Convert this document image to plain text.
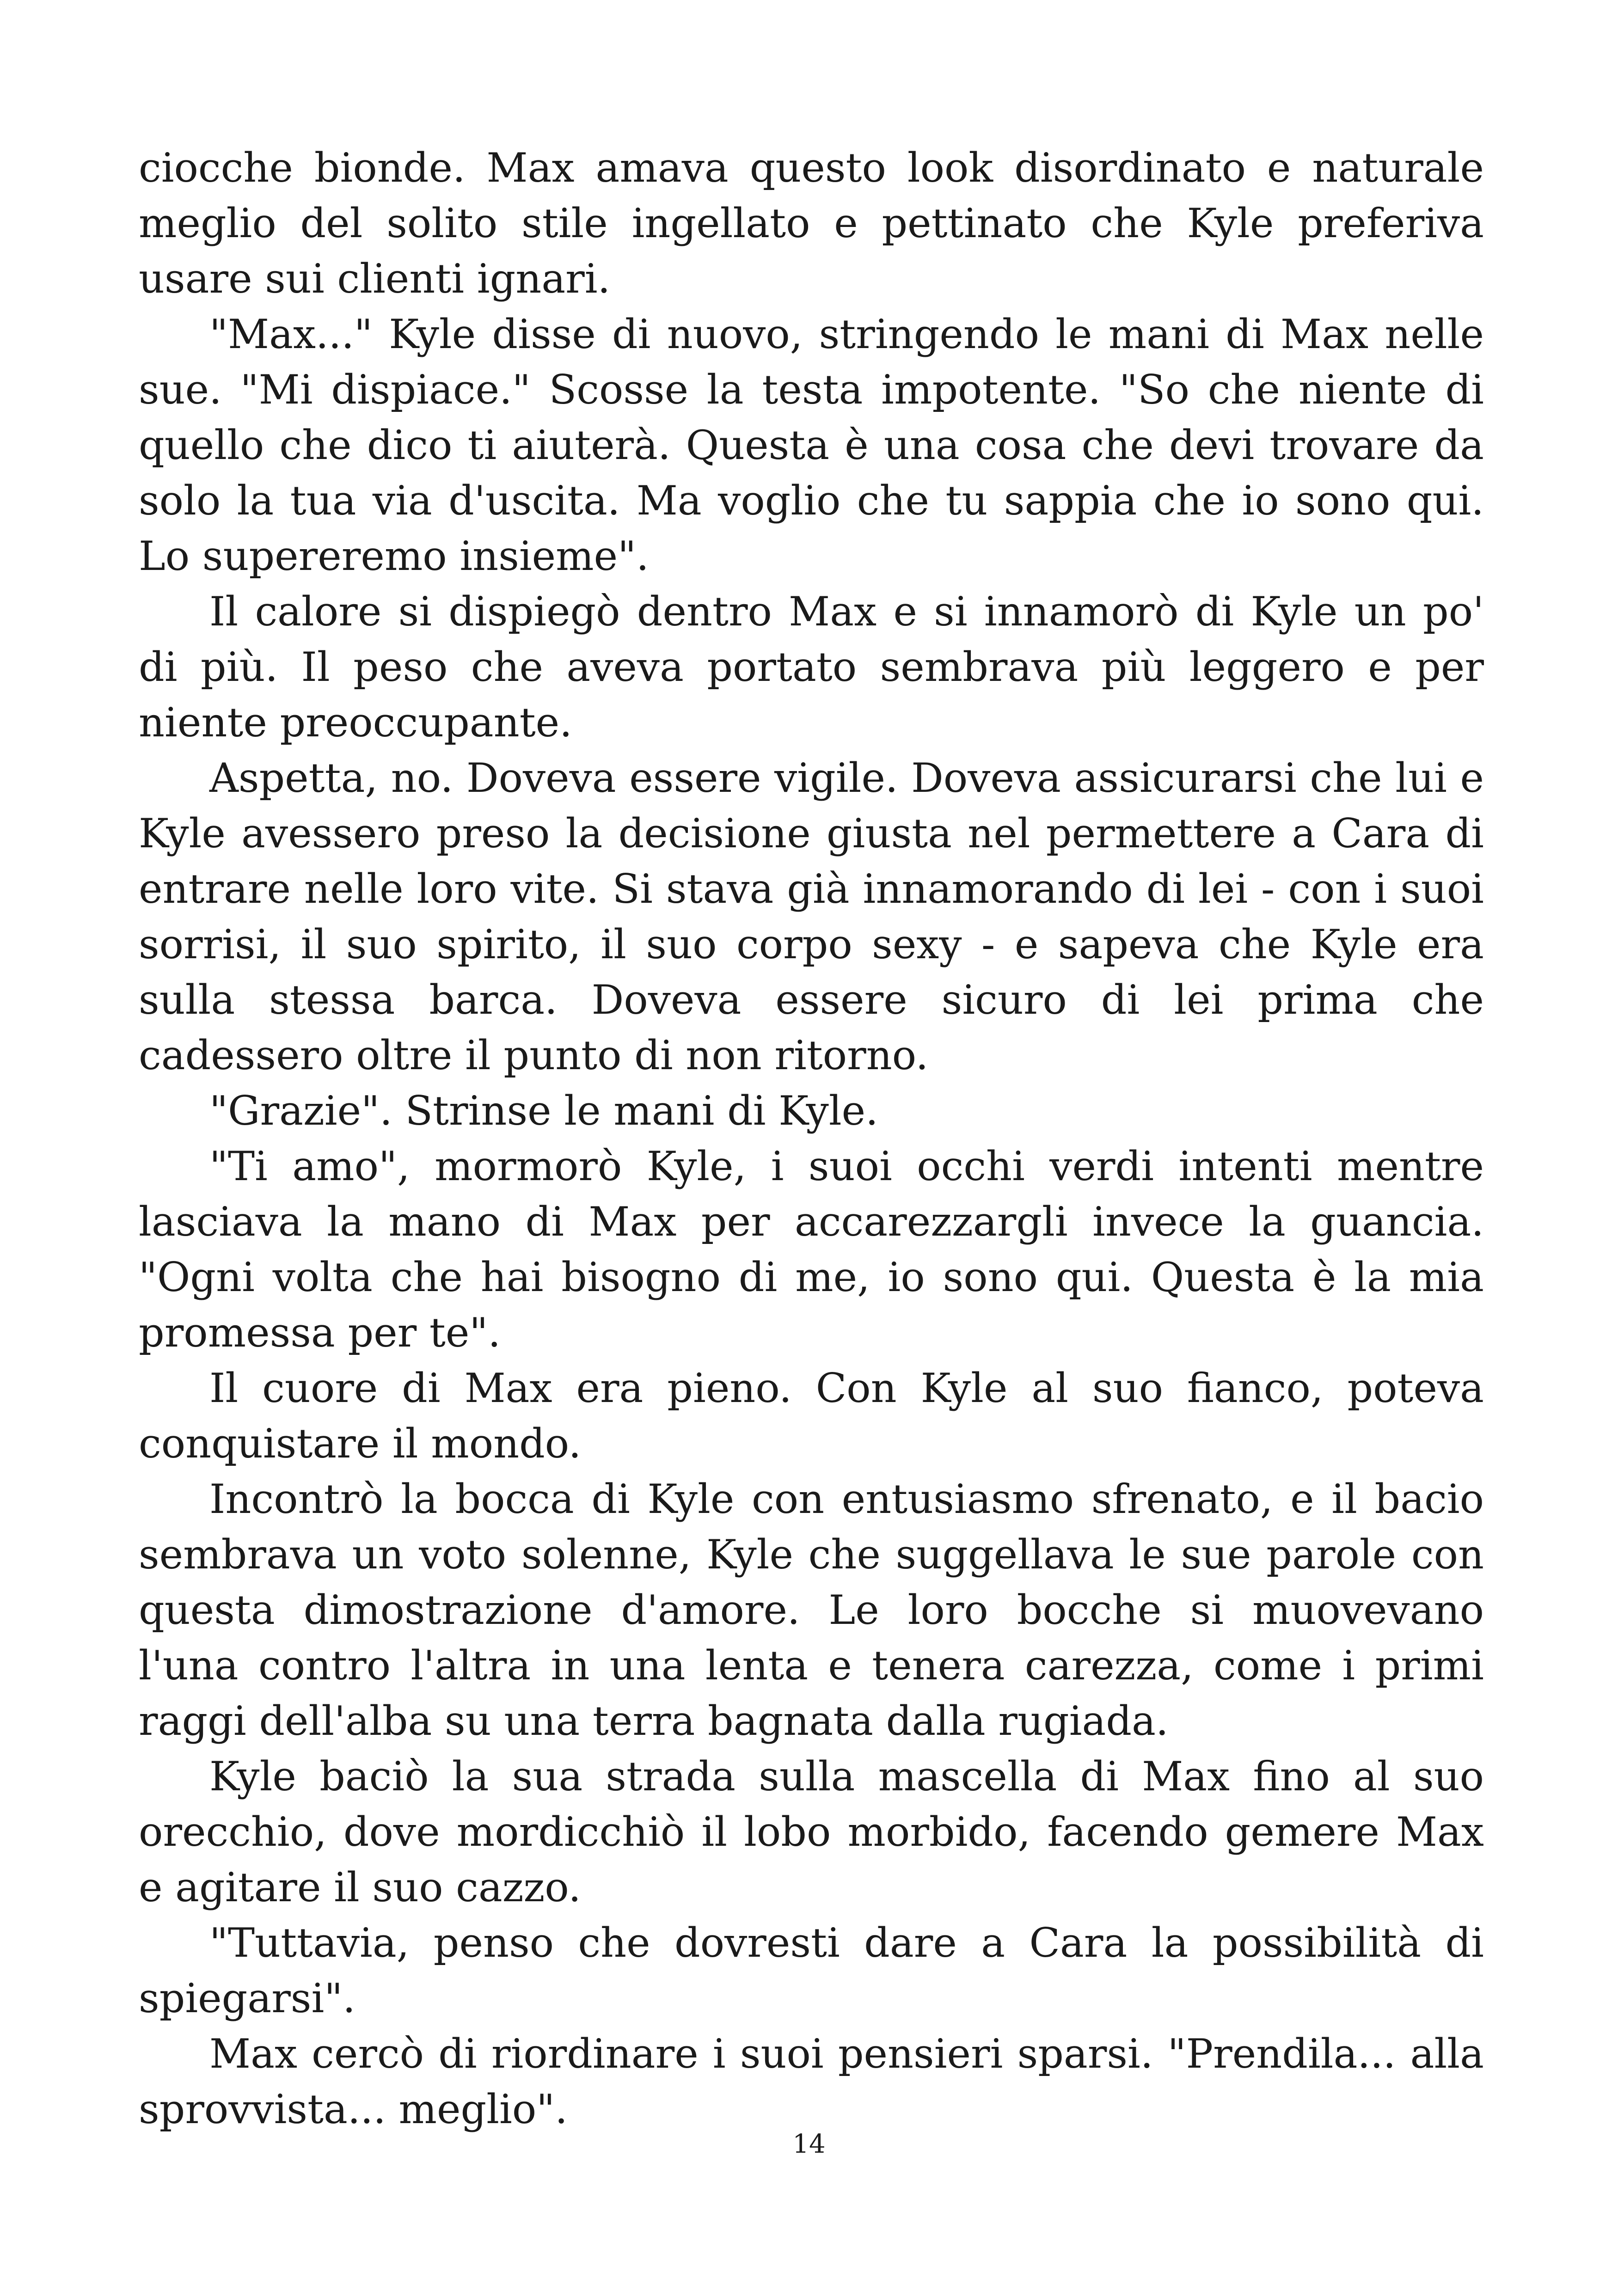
ciocche bionde. Max amava questo look disordinato e naturale meglio del solito stile ingellato e pettinato che Kyle preferiva usare sui clienti ignari.

"Max..." Kyle disse di nuovo, stringendo le mani di Max nelle sue. "Mi dispiace." Scosse la testa impotente. "So che niente di quello che dico ti aiuterà. Questa è una cosa che devi trovare da solo la tua via d'uscita. Ma voglio che tu sappia che io sono qui. Lo supereremo insieme".

Il calore si dispiegò dentro Max e si innamorò di Kyle un po' di più. Il peso che aveva portato sembrava più leggero e per niente preoccupante.

Aspetta, no. Doveva essere vigile. Doveva assicurarsi che lui e Kyle avessero preso la decisione giusta nel permettere a Cara di entrare nelle loro vite. Si stava già innamorando di lei - con i suoi sorrisi, il suo spirito, il suo corpo sexy - e sapeva che Kyle era sulla stessa barca. Doveva essere sicuro di lei prima che cadessero oltre il punto di non ritorno.

"Grazie". Strinse le mani di Kyle.

"Ti amo", mormorò Kyle, i suoi occhi verdi intenti mentre lasciava la mano di Max per accarezzargli invece la guancia. "Ogni volta che hai bisogno di me, io sono qui. Questa è la mia promessa per te".

Il cuore di Max era pieno. Con Kyle al suo fianco, poteva conquistare il mondo.

Incontrò la bocca di Kyle con entusiasmo sfrenato, e il bacio sembrava un voto solenne, Kyle che suggellava le sue parole con questa dimostrazione d'amore. Le loro bocche si muovevano l'una contro l'altra in una lenta e tenera carezza, come i primi raggi dell'alba su una terra bagnata dalla rugiada.

Kyle baciò la sua strada sulla mascella di Max fino al suo orecchio, dove mordicchiò il lobo morbido, facendo gemere Max e agitare il suo cazzo.

"Tuttavia, penso che dovresti dare a Cara la possibilità di spiegarsi".

Max cercò di riordinare i suoi pensieri sparsi. "Prendila... alla sprovvista... meglio".

14
